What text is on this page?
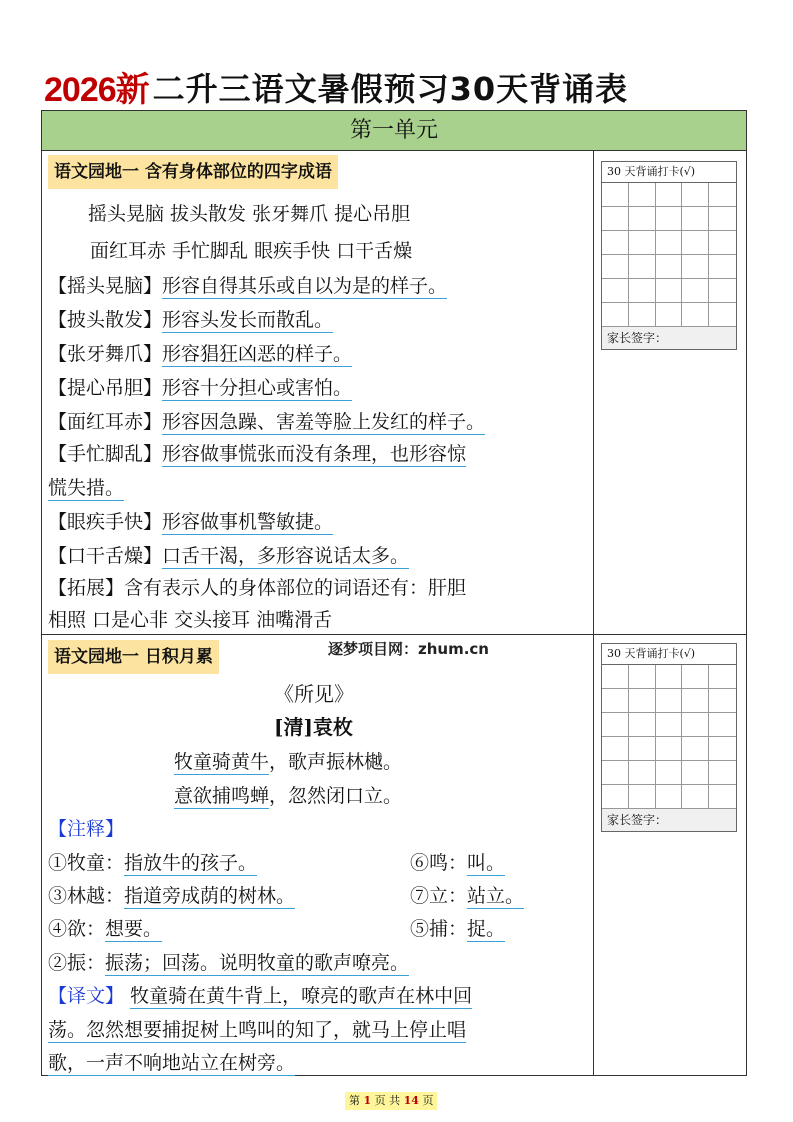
2026新 二升三语文暑假预习30天背诵表
第一单元
语文园地一 含有身体部位的四字成语
摇头晃脑 拔头散发 张牙舞爪 提心吊胆
面红耳赤 手忙脚乱 眼疾手快 口干舌燥
【摇头晃脑】形容自得其乐或自以为是的样子。
【披头散发】形容头发长而散乱。
【张牙舞爪】形容猖狂凶恶的样子。
【提心吊胆】形容十分担心或害怕。
【面红耳赤】形容因急躁、害羞等脸上发红的样子。
【手忙脚乱】形容做事慌张而没有条理，也形容惊
慌失措。
【眼疾手快】形容做事机警敏捷。
【口干舌燥】口舌干渴，多形容说话太多。
【拓展】含有表示人的身体部位的词语还有：肝胆
相照 口是心非 交头接耳 油嘴滑舌
30 天背诵打卡(√)
家长签字：
语文园地一 日积月累	逐梦项目网：zhum.cn
《所见》
[清]袁枚
牧童骑黄牛，歌声振林樾。
意欲捕鸣蝉，忽然闭口立。
【注释】
①牧童：指放牛的孩子。	⑥鸣：叫。
③林越：指道旁成荫的树林。	⑦立：站立。
④欲：想要。	⑤捕：捉。
②振：振荡；回荡。说明牧童的歌声嘹亮。
【译文】 牧童骑在黄牛背上，嘹亮的歌声在林中回
荡。忽然想要捕捉树上鸣叫的知了，就马上停止唱
歌，一声不响地站立在树旁。
30 天背诵打卡(√)
家长签字：
第 1 页 共 14 页
